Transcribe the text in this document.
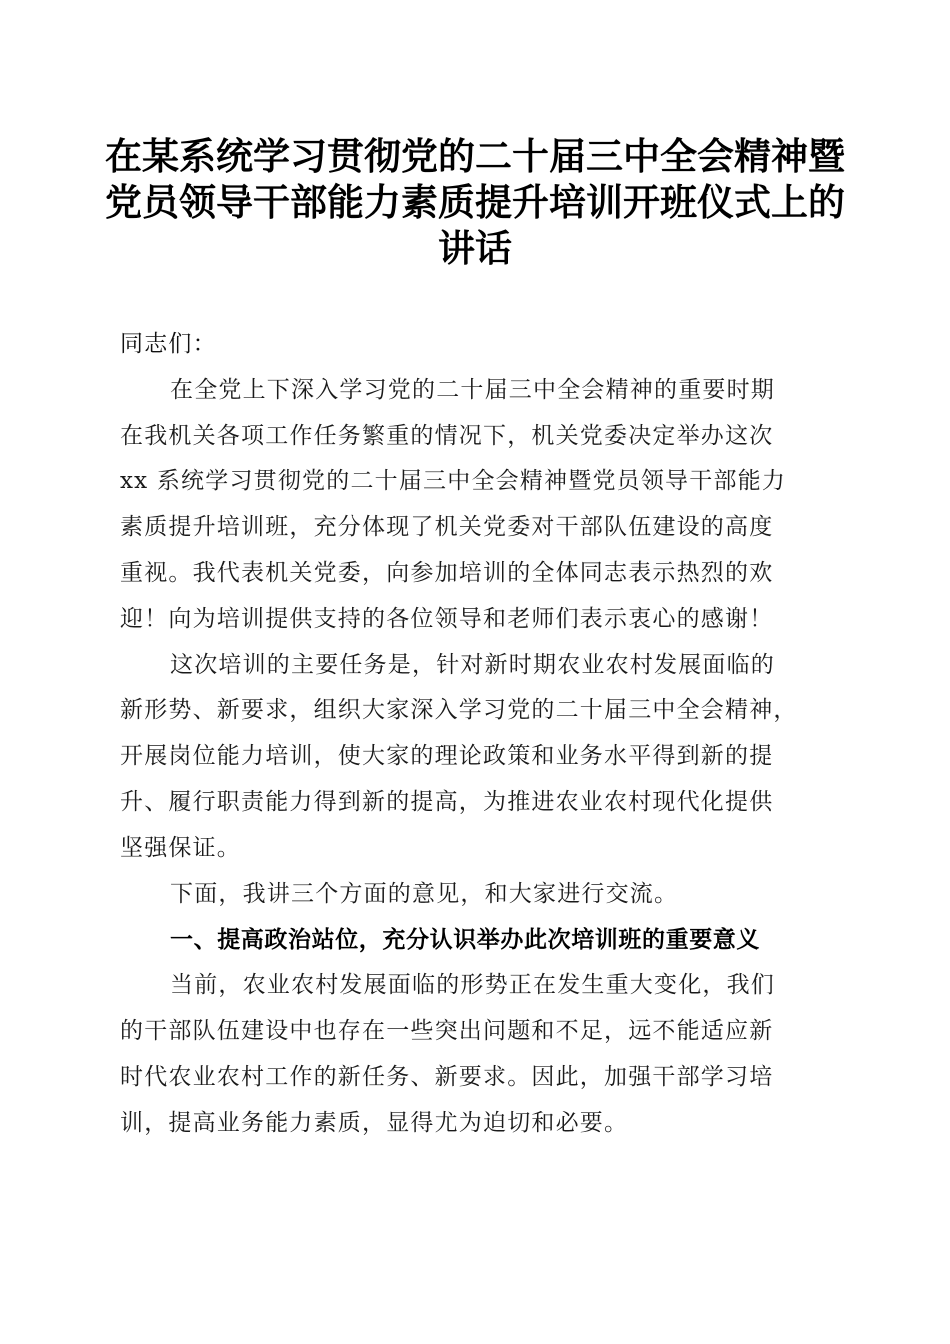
在某系统学习贯彻党的二十届三中全会精神暨
党员领导干部能力素质提升培训开班仪式上的
讲话

同志们：

在全党上下深入学习党的二十届三中全会精神的重要时期
在我机关各项工作任务繁重的情况下，机关党委决定举办这次
xx 系统学习贯彻党的二十届三中全会精神暨党员领导干部能力
素质提升培训班，充分体现了机关党委对干部队伍建设的高度
重视。我代表机关党委，向参加培训的全体同志表示热烈的欢
迎！向为培训提供支持的各位领导和老师们表示衷心的感谢！

这次培训的主要任务是，针对新时期农业农村发展面临的
新形势、新要求，组织大家深入学习党的二十届三中全会精神，
开展岗位能力培训，使大家的理论政策和业务水平得到新的提
升、履行职责能力得到新的提高，为推进农业农村现代化提供
坚强保证。

下面，我讲三个方面的意见，和大家进行交流。

一、提高政治站位，充分认识举办此次培训班的重要意义

当前，农业农村发展面临的形势正在发生重大变化，我们
的干部队伍建设中也存在一些突出问题和不足，远不能适应新
时代农业农村工作的新任务、新要求。因此，加强干部学习培
训，提高业务能力素质，显得尤为迫切和必要。
